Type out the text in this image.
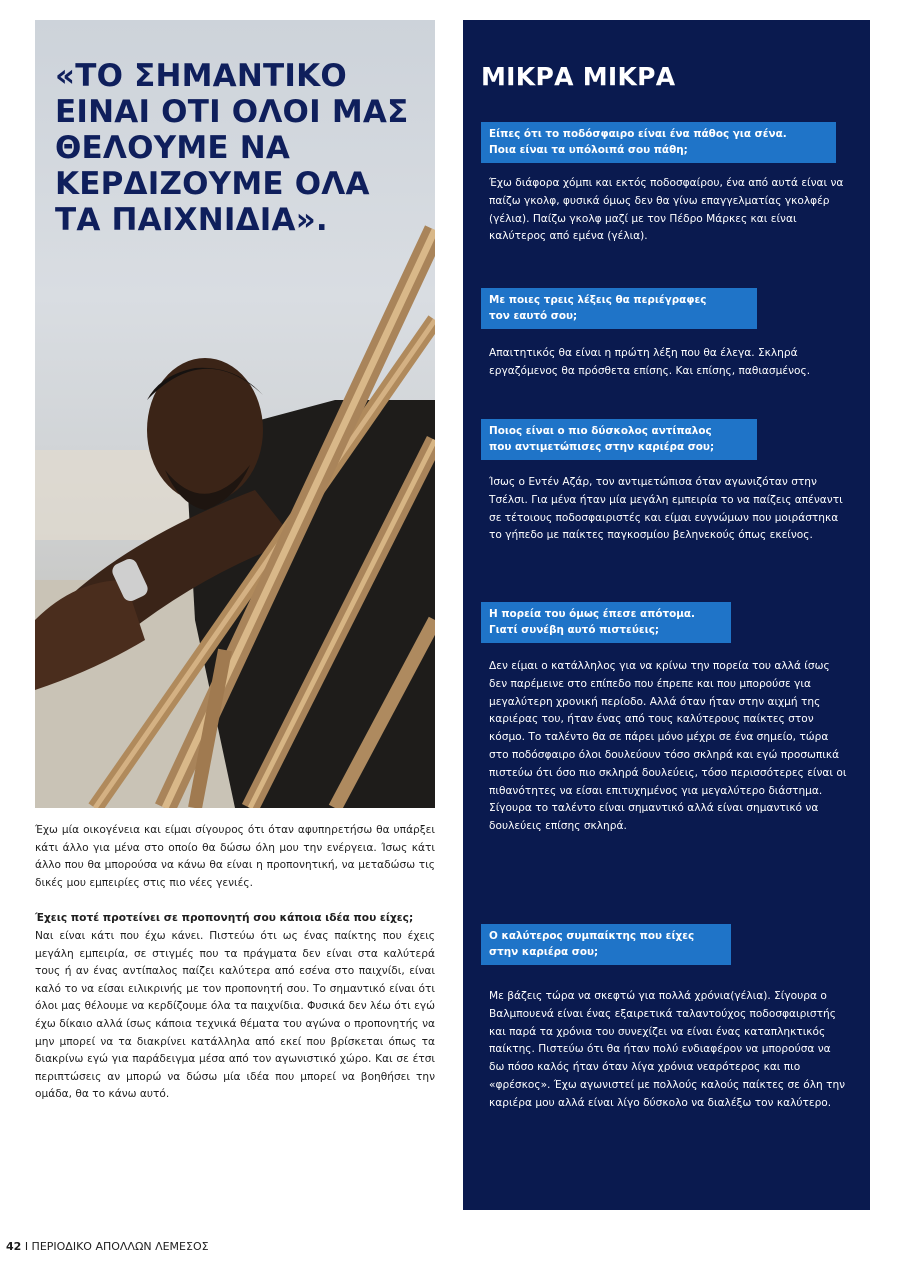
«ΤΟ ΣΗΜΑΝΤΙΚΟ ΕΙΝΑΙ ΟΤΙ ΟΛΟΙ ΜΑΣ ΘΕΛΟΥΜΕ ΝΑ ΚΕΡΔΙΖΟΥΜΕ ΟΛΑ ΤΑ ΠΑΙΧΝΙΔΙΑ».

Έχω μία οικογένεια και είμαι σίγουρος ότι όταν αφυπηρετήσω θα υπάρξει κάτι άλλο για μένα στο οποίο θα δώσω όλη μου την ενέργεια. Ίσως κάτι άλλο που θα μπορούσα να κάνω θα είναι η προπονητική, να μεταδώσω τις δικές μου εμπειρίες στις πιο νέες γενιές.

Έχεις ποτέ προτείνει σε προπονητή σου κάποια ιδέα που είχες;

Ναι είναι κάτι που έχω κάνει. Πιστεύω ότι ως ένας παίκτης που έχεις μεγάλη εμπειρία, σε στιγμές που τα πράγματα δεν είναι στα καλύτερά τους ή αν ένας αντίπαλος παίζει καλύτερα από εσένα στο παιχνίδι, είναι καλό το να είσαι ειλικρινής με τον προπονητή σου. Το σημαντικό είναι ότι όλοι μας θέλουμε να κερδίζουμε όλα τα παιχνίδια. Φυσικά δεν λέω ότι εγώ έχω δίκαιο αλλά ίσως κάποια τεχνικά θέματα του αγώνα ο προπονητής να μην μπορεί να τα διακρίνει κατάλληλα από εκεί που βρίσκεται όπως τα διακρίνω εγώ για παράδειγμα μέσα από τον αγωνιστικό χώρο. Και σε έτσι περιπτώσεις αν μπορώ να δώσω μία ιδέα που μπορεί να βοηθήσει την ομάδα, θα το κάνω αυτό.

ΜΙΚΡΑ ΜΙΚΡΑ
Είπες ότι το ποδόσφαιρο είναι ένα πάθος για σένα.
Ποια είναι τα υπόλοιπά σου πάθη;

Έχω διάφορα χόμπι και εκτός ποδοσφαίρου, ένα από αυτά είναι να παίζω γκολφ, φυσικά όμως δεν θα γίνω επαγγελματίας γκολφέρ (γέλια). Παίζω γκολφ μαζί με τον Πέδρο Μάρκες και είναι καλύτερος από εμένα (γέλια).

Με ποιες τρεις λέξεις θα περιέγραφες
τον εαυτό σου;

Απαιτητικός θα είναι η πρώτη λέξη που θα έλεγα. Σκληρά εργαζόμενος θα πρόσθετα επίσης. Και επίσης, παθιασμένος.

Ποιος είναι ο πιο δύσκολος αντίπαλος
που αντιμετώπισες στην καριέρα σου;

Ίσως ο Εντέν Αζάρ, τον αντιμετώπισα όταν αγωνιζόταν στην Τσέλσι. Για μένα ήταν μία μεγάλη εμπειρία το να παίζεις απέναντι σε τέτοιους ποδοσφαιριστές και είμαι ευγνώμων που μοιράστηκα το γήπεδο με παίκτες παγκοσμίου βεληνεκούς όπως εκείνος.

Η πορεία του όμως έπεσε απότομα.
Γιατί συνέβη αυτό πιστεύεις;

Δεν είμαι ο κατάλληλος για να κρίνω την πορεία του αλλά ίσως δεν παρέμεινε στο επίπεδο που έπρεπε και που μπορούσε για μεγαλύτερη χρονική περίοδο. Αλλά όταν ήταν στην αιχμή της καριέρας του, ήταν ένας από τους καλύτερους παίκτες στον κόσμο. Το ταλέντο θα σε πάρει μόνο μέχρι σε ένα σημείο, τώρα στο ποδόσφαιρο όλοι δουλεύουν τόσο σκληρά και εγώ προσωπικά πιστεύω ότι όσο πιο σκληρά δουλεύεις, τόσο περισσότερες είναι οι πιθανότητες να είσαι επιτυχημένος για μεγαλύτερο διάστημα. Σίγουρα το ταλέντο είναι σημαντικό αλλά είναι σημαντικό να δουλεύεις επίσης σκληρά.

Ο καλύτερος συμπαίκτης που είχες
στην καριέρα σου;

Με βάζεις τώρα να σκεφτώ για πολλά χρόνια(γέλια). Σίγουρα ο Βαλμπουενά είναι ένας εξαιρετικά ταλαντούχος ποδοσφαιριστής και παρά τα χρόνια του συνεχίζει να είναι ένας καταπληκτικός παίκτης. Πιστεύω ότι θα ήταν πολύ ενδιαφέρον να μπορούσα να δω πόσο καλός ήταν όταν λίγα χρόνια νεαρότερος και πιο «φρέσκος». Έχω αγωνιστεί με πολλούς καλούς παίκτες σε όλη την καριέρα μου αλλά είναι λίγο δύσκολο να διαλέξω τον καλύτερο.

42 Ι ΠΕΡΙΟΔΙΚΟ ΑΠΟΛΛΩΝ ΛΕΜΕΣΟΣ
